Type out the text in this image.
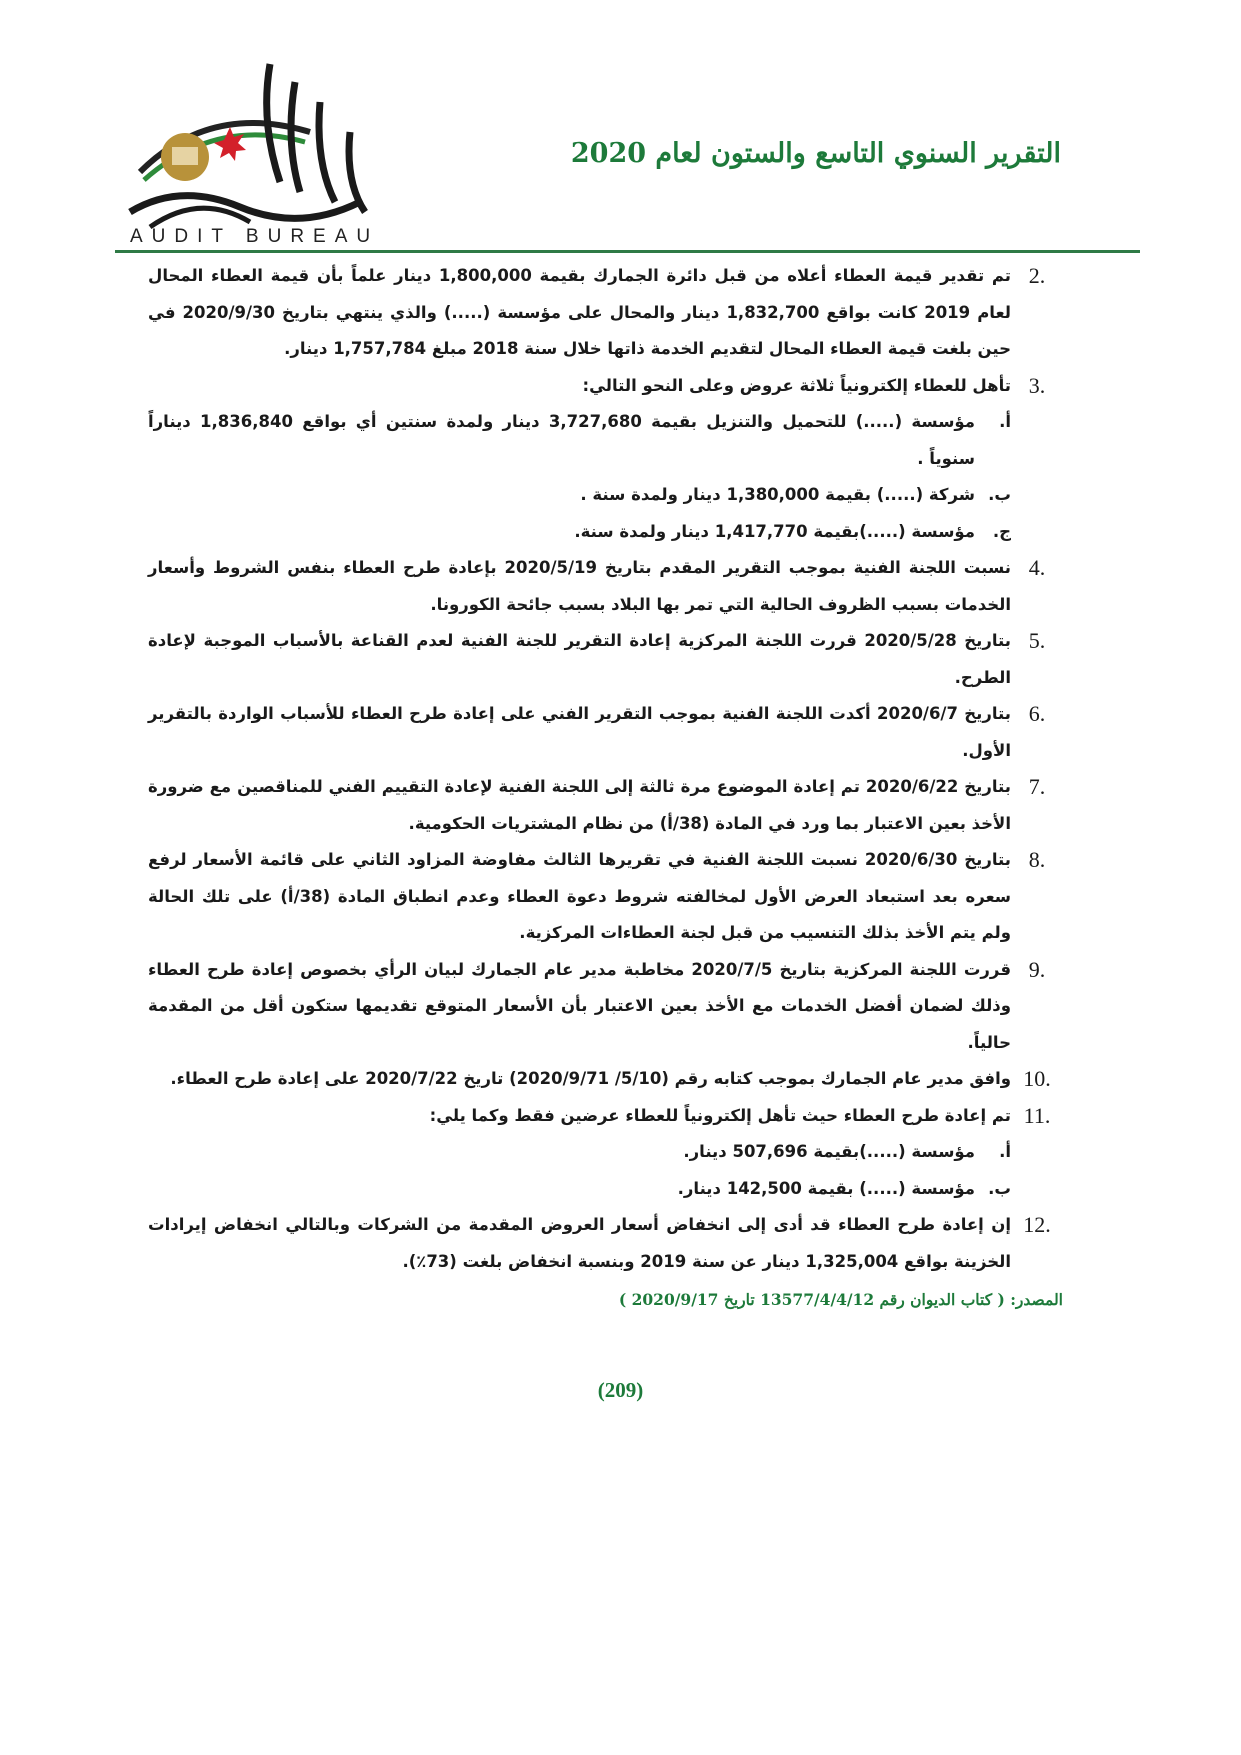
AUDIT BUREAU
التقرير السنوي التاسع والستون لعام 2020
2.
تم تقدير قيمة العطاء أعلاه من قبل دائرة الجمارك بقيمة 1,800,000 دينار علماً بأن قيمة العطاء المحال لعام 2019 كانت بواقع 1,832,700 دينار والمحال على مؤسسة (.....) والذي ينتهي بتاريخ 2020/9/30 في حين بلغت قيمة العطاء المحال لتقديم الخدمة ذاتها خلال سنة 2018 مبلغ 1,757,784 دينار.
3.
تأهل للعطاء إلكترونياً ثلاثة عروض وعلى النحو التالي:
أ.
مؤسسة (.....) للتحميل والتنزيل بقيمة 3,727,680 دينار ولمدة سنتين أي بواقع 1,836,840 ديناراً سنوياً .
ب.
شركة (.....) بقيمة 1,380,000 دينار ولمدة سنة .
ج.
مؤسسة (.....)بقيمة 1,417,770 دينار ولمدة سنة.
4.
نسبت اللجنة الفنية بموجب التقرير المقدم بتاريخ 2020/5/19 بإعادة طرح العطاء بنفس الشروط وأسعار الخدمات بسبب الظروف الحالية التي تمر بها البلاد بسبب جائحة الكورونا.
5.
بتاريخ 2020/5/28 قررت اللجنة المركزية إعادة التقرير للجنة الفنية لعدم القناعة بالأسباب الموجبة لإعادة الطرح.
6.
بتاريخ 2020/6/7 أكدت اللجنة الفنية بموجب التقرير الفني على إعادة طرح العطاء للأسباب الواردة بالتقرير الأول.
7.
بتاريخ 2020/6/22 تم إعادة الموضوع مرة ثالثة إلى اللجنة الفنية لإعادة التقييم الفني للمناقصين مع ضرورة الأخذ بعين الاعتبار بما ورد في المادة (38/أ) من نظام المشتريات الحكومية.
8.
بتاريخ 2020/6/30 نسبت اللجنة الفنية في تقريرها الثالث مفاوضة المزاود الثاني على قائمة الأسعار لرفع سعره بعد استبعاد العرض الأول لمخالفته شروط دعوة العطاء وعدم انطباق المادة (38/أ) على تلك الحالة ولم يتم الأخذ بذلك التنسيب من قبل لجنة العطاءات المركزية.
9.
قررت اللجنة المركزية بتاريخ 2020/7/5 مخاطبة مدير عام الجمارك لبيان الرأي بخصوص إعادة طرح العطاء وذلك لضمان أفضل الخدمات مع الأخذ بعين الاعتبار بأن الأسعار المتوقع تقديمها ستكون أقل من المقدمة حالياً.
10.
وافق مدير عام الجمارك بموجب كتابه رقم (5/10/ 2020/9/71) تاريخ 2020/7/22 على إعادة طرح العطاء.
11.
تم إعادة طرح العطاء حيث تأهل إلكترونياً للعطاء عرضين فقط وكما يلي:
أ.
مؤسسة (.....)بقيمة 507,696 دينار.
ب.
مؤسسة (.....) بقيمة 142,500 دينار.
12.
إن إعادة طرح العطاء قد أدى إلى انخفاض أسعار العروض المقدمة من الشركات وبالتالي انخفاض إيرادات الخزينة بواقع 1,325,004 دينار عن سنة 2019 وبنسبة انخفاض بلغت (73٪).
المصدر: ( كتاب الديوان رقم 13577/4/4/12 تاريخ 2020/9/17 )
(209)
